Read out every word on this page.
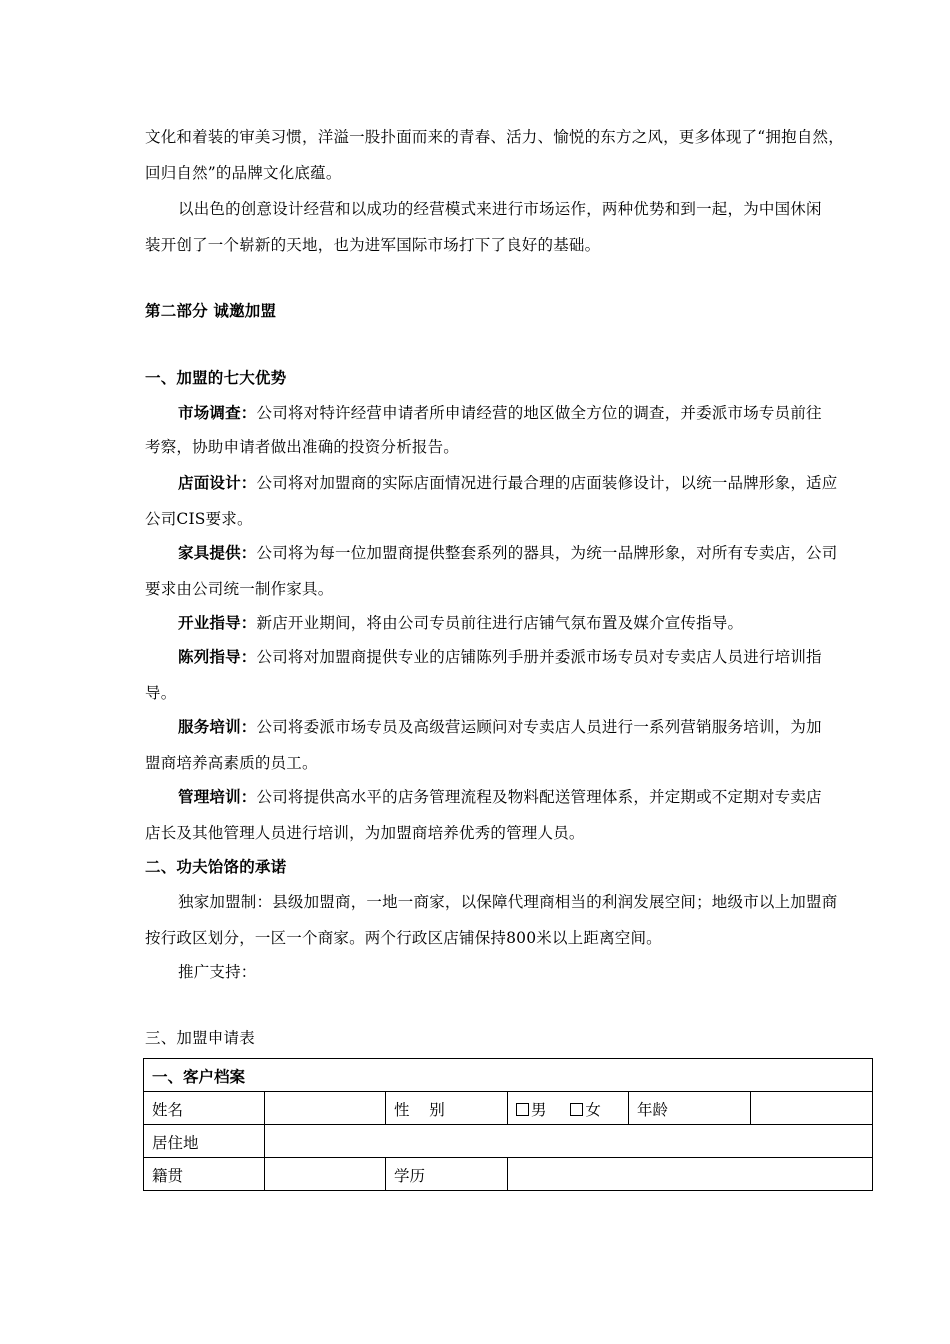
文化和着装的审美习惯，洋溢一股扑面而来的青春、活力、愉悦的东方之风，更多体现了“拥抱自然，
回归自然”的品牌文化底蕴。
以出色的创意设计经营和以成功的经营模式来进行市场运作，两种优势和到一起，为中国休闲
装开创了一个崭新的天地，也为进军国际市场打下了良好的基础。
第二部分 诚邀加盟
一、加盟的七大优势
市场调查：公司将对特许经营申请者所申请经营的地区做全方位的调查，并委派市场专员前往
考察，协助申请者做出准确的投资分析报告。
店面设计：公司将对加盟商的实际店面情况进行最合理的店面装修设计，以统一品牌形象，适应
公司CIS要求。
家具提供：公司将为每一位加盟商提供整套系列的器具，为统一品牌形象，对所有专卖店，公司
要求由公司统一制作家具。
开业指导：新店开业期间，将由公司专员前往进行店铺气氛布置及媒介宣传指导。
陈列指导：公司将对加盟商提供专业的店铺陈列手册并委派市场专员对专卖店人员进行培训指
导。
服务培训：公司将委派市场专员及高级营运顾问对专卖店人员进行一系列营销服务培训，为加
盟商培养高素质的员工。
管理培训：公司将提供高水平的店务管理流程及物料配送管理体系，并定期或不定期对专卖店
店长及其他管理人员进行培训，为加盟商培养优秀的管理人员。
二、功夫饴饹的承诺
独家加盟制：县级加盟商，一地一商家，以保障代理商相当的利润发展空间；地级市以上加盟商
按行政区划分，一区一个商家。两个行政区店铺保持800米以上距离空间。
推广支持：
三、加盟申请表
一、客户档案					
姓名		性    别	男 女	年龄	
居住地					
籍贯		学历			
